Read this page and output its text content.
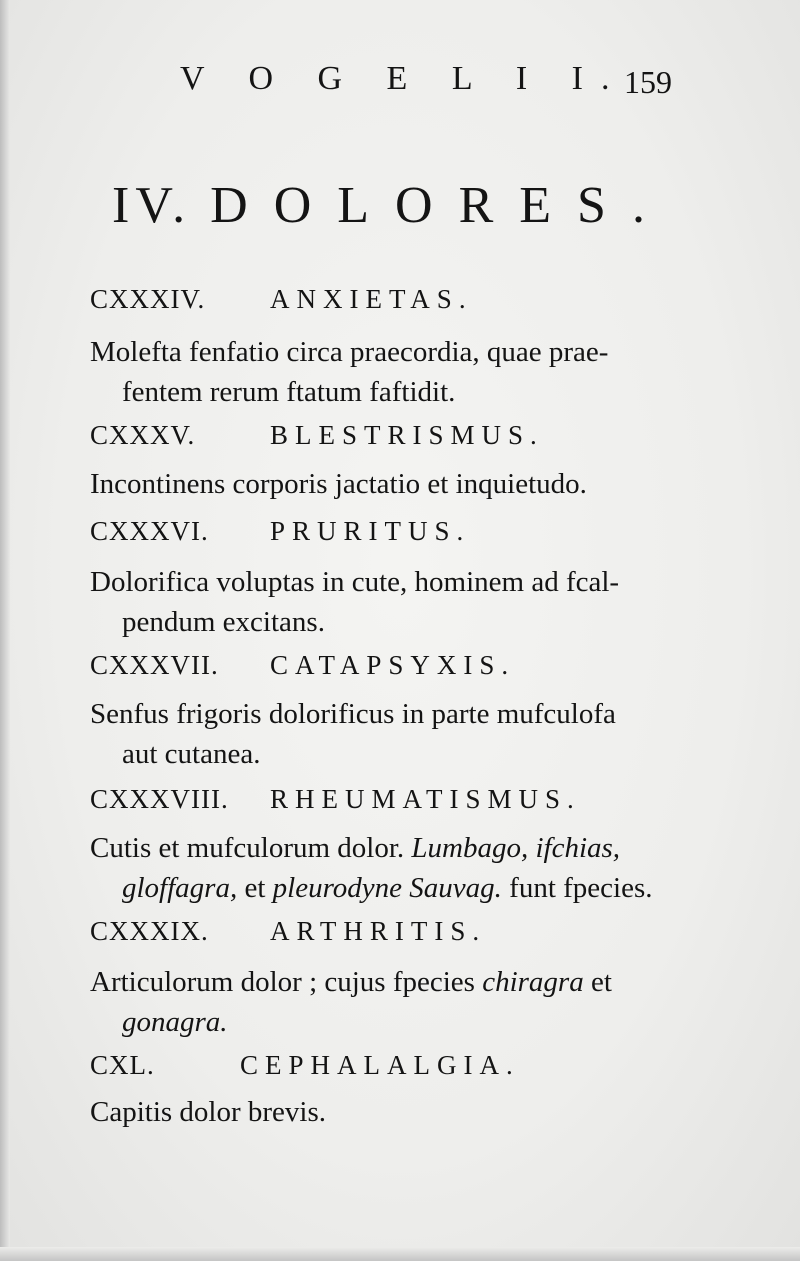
V O G E L I I.
159
IV. DOLORES.
CXXXIV. ANXIETAS.
Molefta fenfatio circa praecordia, quae prae-
fentem rerum ftatum faftidit.
CXXXV.	BLESTRISMUS.
Incontinens corporis jactatio et inquietudo.
CXXXVI. PRURITUS.
Dolorifica voluptas in cute, hominem ad fcal-
pendum excitans.
CXXXVII. CATAPSYXIS.
Senfus frigoris dolorificus in parte mufculofa
aut cutanea.
CXXXVIII. RHEUMATISMUS.
Cutis et mufculorum dolor. Lumbago, ifchias,
gloffagra, et pleurodyne Sauvag. funt fpecies.
CXXXIX. ARTHRITIS.
Articulorum dolor ; cujus fpecies chiragra et
gonagra.
CXL.	CEPHALALGIA.
Capitis dolor brevis.
